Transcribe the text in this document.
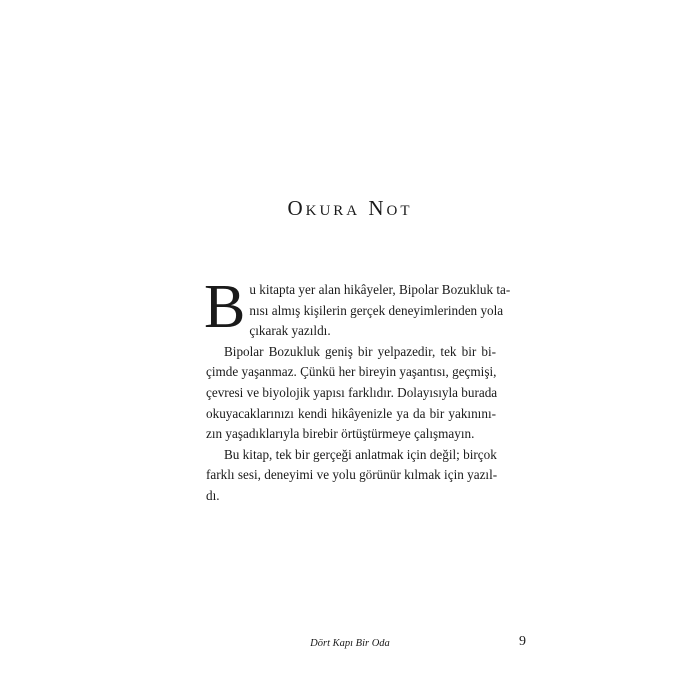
Okura Not
B u kitapta yer alan hikâyeler, Bipolar Bozukluk ta-
nısı almış kişilerin gerçek deneyimlerinden yola
çıkarak yazıldı.
Bipolar Bozukluk geniş bir yelpazedir, tek bir bi-
çimde yaşanmaz. Çünkü her bireyin yaşantısı, geçmişi,
çevresi ve biyolojik yapısı farklıdır. Dolayısıyla burada
okuyacaklarınızı kendi hikâyenizle ya da bir yakınını-
zın yaşadıklarıyla birebir örtüştürmeye çalışmayın.
Bu kitap, tek bir gerçeği anlatmak için değil; birçok
farklı sesi, deneyimi ve yolu görünür kılmak için yazıl-
dı.
Dört Kapı Bir Oda	9
